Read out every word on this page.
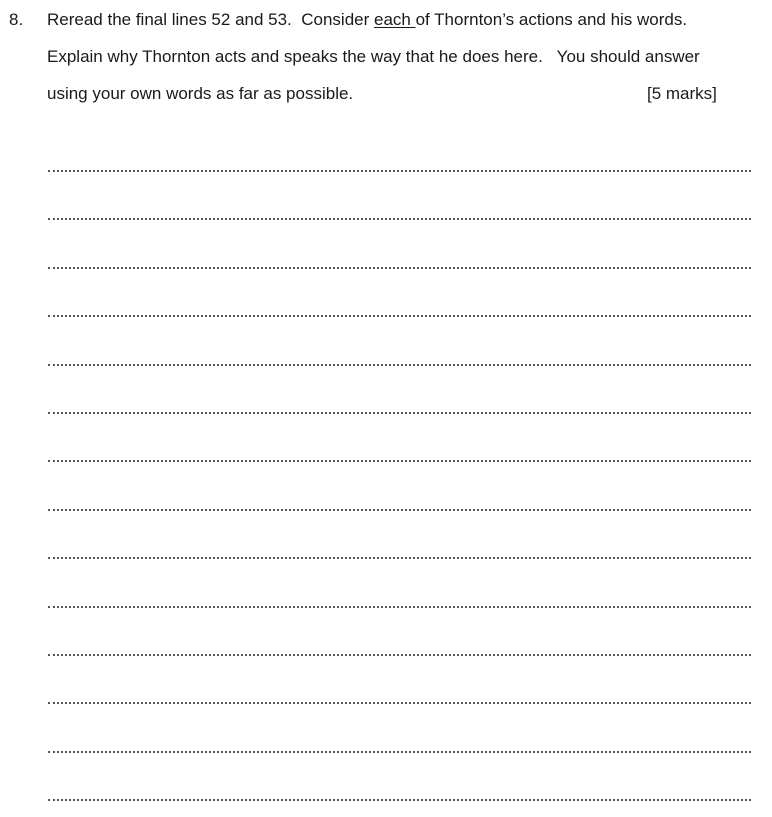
8. Reread the final lines 52 and 53.  Consider each of Thornton’s actions and his words.
Explain why Thornton acts and speaks the way that he does here.   You should answer
using your own words as far as possible.	[5 marks]
